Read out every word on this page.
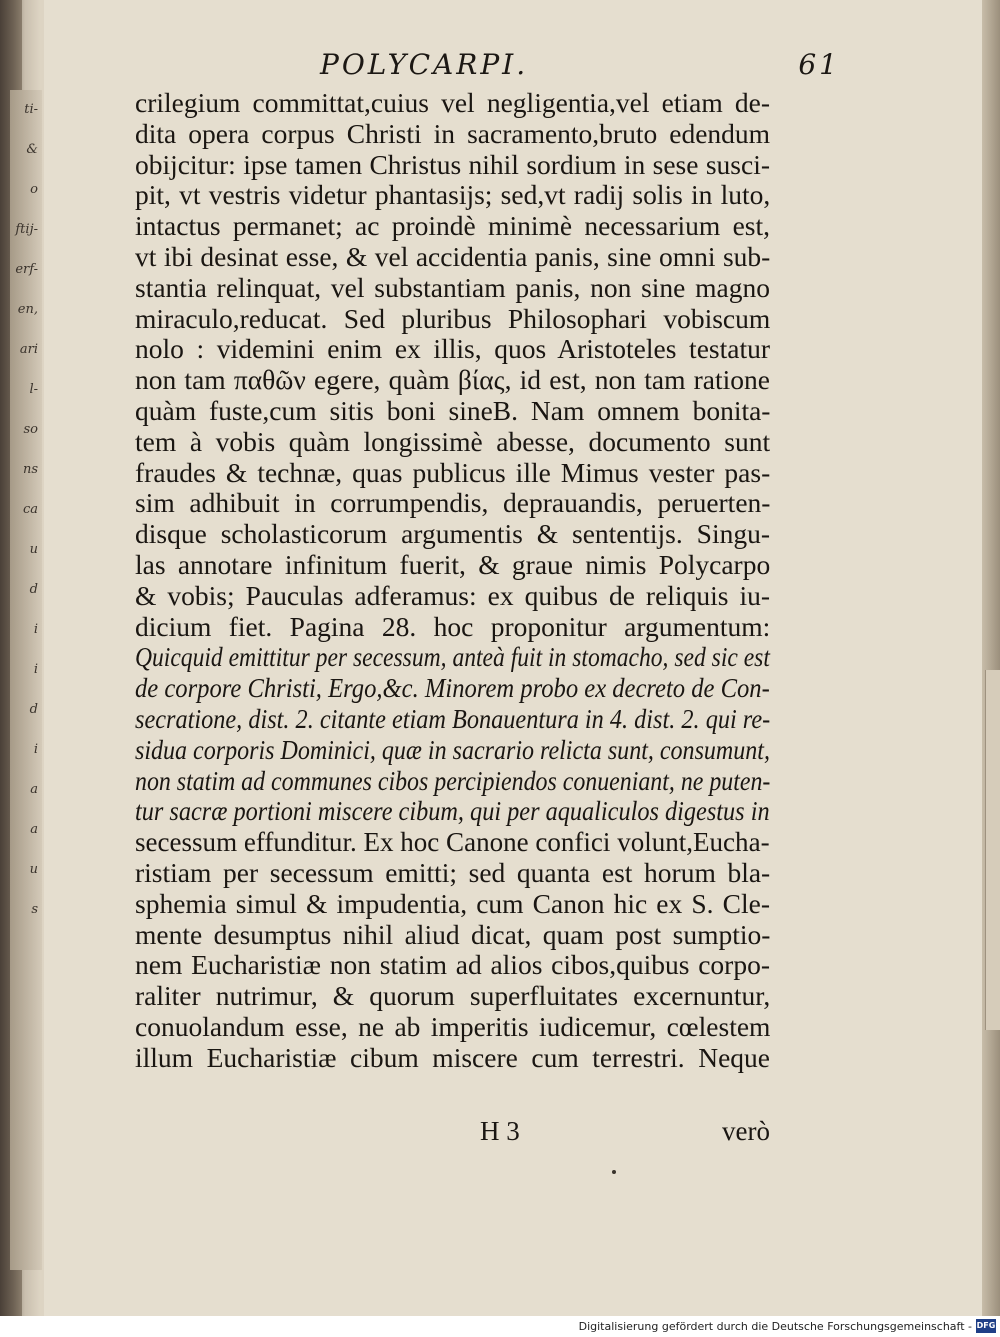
ti-
&
o
ftij-
erf-
en,
ari
l-
so
ns
ca
u
d
i
i
d
i
a
a
u
s
POLYCARPI.	61
crilegium committat,cuius vel negligentia,vel etiam de-
dita opera corpus Christi in sacramento,bruto edendum
obijcitur: ipse tamen Christus nihil sordium in sese susci-
pit, vt vestris videtur phantasijs; sed,vt radij solis in luto,
intactus permanet; ac proindè minimè necessarium est,
vt ibi desinat esse, & vel accidentia panis, sine omni sub-
stantia relinquat, vel substantiam panis, non sine magno
miraculo,reducat. Sed pluribus Philosophari vobiscum
nolo : videmini enim ex illis, quos Aristoteles testatur
non tam παθῶν egere, quàm βίας, id est, non tam ratione
quàm fuste,cum sitis boni sineB. Nam omnem bonita-
tem à vobis quàm longissimè abesse, documento sunt
fraudes & technæ, quas publicus ille Mimus vester pas-
sim adhibuit in corrumpendis, deprauandis, peruerten-
disque scholasticorum argumentis & sententijs. Singu-
las annotare infinitum fuerit, & graue nimis Polycarpo
& vobis; Pauculas adferamus: ex quibus de reliquis iu-
dicium fiet. Pagina 28. hoc proponitur argumentum:
Quicquid emittitur per secessum, anteà fuit in stomacho, sed sic est
de corpore Christi, Ergo,&c. Minorem probo ex decreto de Con-
secratione, dist. 2. citante etiam Bonauentura in 4. dist. 2. qui re-
sidua corporis Dominici, quæ in sacrario relicta sunt, consumunt,
non statim ad communes cibos percipiendos conueniant, ne puten-
tur sacræ portioni miscere cibum, qui per aqualiculos digestus in
secessum effunditur. Ex hoc Canone confici volunt,Eucha-
ristiam per secessum emitti; sed quanta est horum bla-
sphemia simul & impudentia, cum Canon hic ex S. Cle-
mente desumptus nihil aliud dicat, quam post sumptio-
nem Eucharistiæ non statim ad alios cibos,quibus corpo-
raliter nutrimur, & quorum superfluitates excernuntur,
conuolandum esse, ne ab imperitis iudicemur, cœlestem
illum Eucharistiæ cibum miscere cum terrestri. Neque
H 3	verò
Digitalisierung gefördert durch die Deutsche Forschungsgemeinschaft - DFG
